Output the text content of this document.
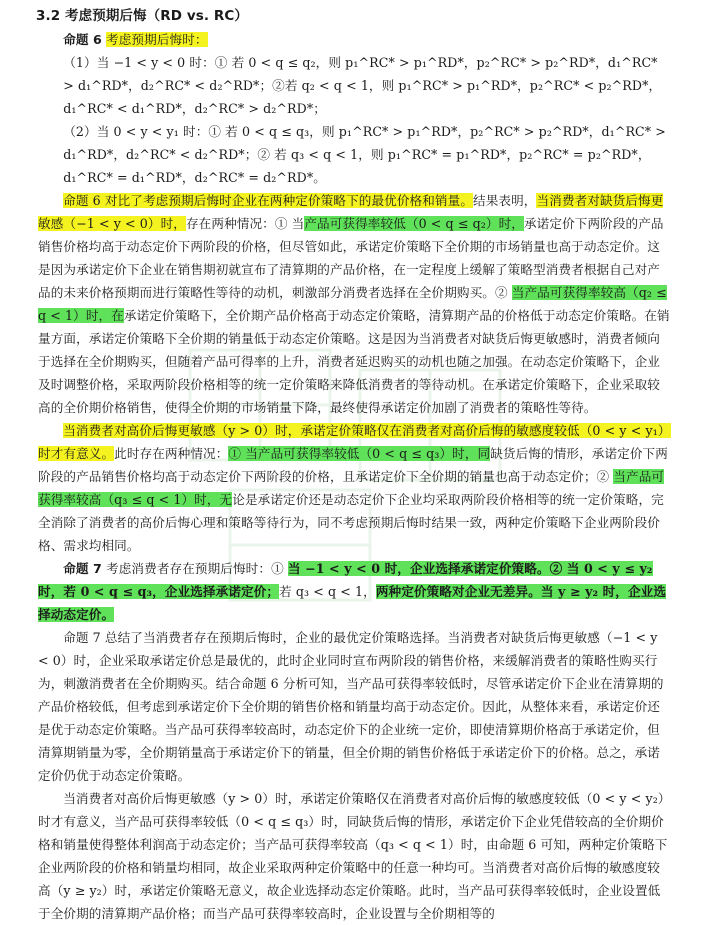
3.2 考虑预期后悔（RD vs. RC）

命题 6 考虑预期后悔时：

（1）当 −1 < y < 0 时：① 若 0 < q ≤ q₂，则 p₁^RC* > p₁^RD*，p₂^RC* > p₂^RD*，d₁^RC* > d₁^RD*，d₂^RC* < d₂^RD*；②若 q₂ < q < 1，则 p₁^RC* > p₁^RD*，p₂^RC* < p₂^RD*，d₁^RC* < d₁^RD*，d₂^RC* > d₂^RD*；

（2）当 0 < y < y₁ 时：① 若 0 < q ≤ q₃，则 p₁^RC* > p₁^RD*，p₂^RC* > p₂^RD*，d₁^RC* > d₁^RD*，d₂^RC* < d₂^RD*；② 若 q₃ < q < 1，则 p₁^RC* = p₁^RD*，p₂^RC* = p₂^RD*，d₁^RC* = d₁^RD*，d₂^RC* = d₂^RD*。

命题 6 对比了考虑预期后悔时企业在两种定价策略下的最优价格和销量。结果表明，当消费者对缺货后悔更敏感（−1 < y < 0）时，存在两种情况：① 当产品可获得率较低（0 < q ≤ q₂）时，承诺定价下两阶段的产品销售价格均高于动态定价下两阶段的价格，但尽管如此，承诺定价策略下全价期的市场销量也高于动态定价。这是因为承诺定价下企业在销售期初就宣布了清算期的产品价格，在一定程度上缓解了策略型消费者根据自己对产品的未来价格预期而进行策略性等待的动机，刺激部分消费者选择在全价期购买。② 当产品可获得率较高（q₂ ≤ q < 1）时，在承诺定价策略下，全价期产品价格高于动态定价策略，清算期产品的价格低于动态定价策略。在销量方面，承诺定价策略下全价期的销量低于动态定价策略。这是因为当消费者对缺货后悔更敏感时，消费者倾向于选择在全价期购买，但随着产品可得率的上升，消费者延迟购买的动机也随之加强。在动态定价策略下，企业及时调整价格，采取两阶段价格相等的统一定价策略来降低消费者的等待动机。在承诺定价策略下，企业采取较高的全价期价格销售，使得全价期的市场销量下降，最终使得承诺定价加剧了消费者的策略性等待。

当消费者对高价后悔更敏感（y > 0）时，承诺定价策略仅在消费者对高价后悔的敏感度较低（0 < y < y₁）时才有意义。此时存在两种情况：① 当产品可获得率较低（0 < q ≤ q₃）时，同缺货后悔的情形，承诺定价下两阶段的产品销售价格均高于动态定价下两阶段的价格，且承诺定价下全价期的销量也高于动态定价；② 当产品可获得率较高（q₃ ≤ q < 1）时，无论是承诺定价还是动态定价下企业均采取两阶段价格相等的统一定价策略，完全消除了消费者的高价后悔心理和策略等待行为，同不考虑预期后悔时结果一致，两种定价策略下企业两阶段价格、需求均相同。

命题 7 考虑消费者存在预期后悔时：① 当 −1 < y < 0 时，企业选择承诺定价策略。② 当 0 < y ≤ y₂ 时，若 0 < q ≤ q₃，企业选择承诺定价；若 q₃ < q < 1，两种定价策略对企业无差异。当 y ≥ y₂ 时，企业选择动态定价。

命题 7 总结了当消费者存在预期后悔时，企业的最优定价策略选择。当消费者对缺货后悔更敏感（−1 < y < 0）时，企业采取承诺定价总是最优的，此时企业同时宣布两阶段的销售价格，来缓解消费者的策略性购买行为，刺激消费者在全价期购买。结合命题 6 分析可知，当产品可获得率较低时，尽管承诺定价下企业在清算期的产品价格较低，但考虑到承诺定价下全价期的销售价格和销量均高于动态定价。因此，从整体来看，承诺定价还是优于动态定价策略。当产品可获得率较高时，动态定价下的企业统一定价，即使清算期价格高于承诺定价，但清算期销量为零，全价期销量高于承诺定价下的销量，但全价期的销售价格低于承诺定价下的价格。总之，承诺定价仍优于动态定价策略。

当消费者对高价后悔更敏感（y > 0）时，承诺定价策略仅在消费者对高价后悔的敏感度较低（0 < y < y₂）时才有意义，当产品可获得率较低（0 < q ≤ q₃）时，同缺货后悔的情形，承诺定价下企业凭借较高的全价期价格和销量使得整体利润高于动态定价；当产品可获得率较高（q₃ < q < 1）时，由命题 6 可知，两种定价策略下企业两阶段的价格和销量均相同，故企业采取两种定价策略中的任意一种均可。当消费者对高价后悔的敏感度较高（y ≥ y₂）时，承诺定价策略无意义，故企业选择动态定价策略。此时，当产品可获得率较低时，企业设置低于全价期的清算期产品价格；而当产品可获得率较高时，企业设置与全价期相等的
